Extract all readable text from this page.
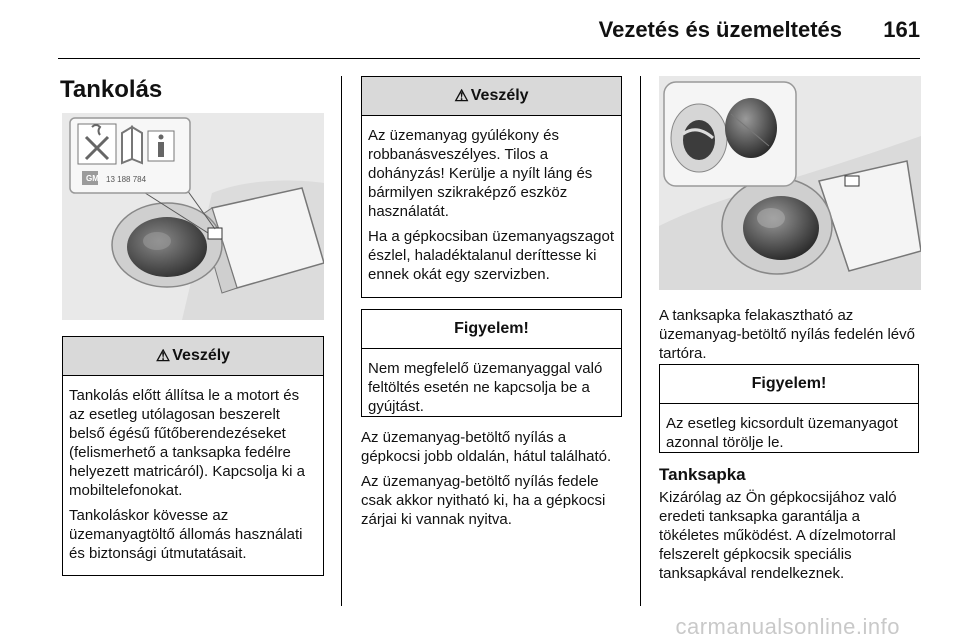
Vezetés és üzemeltetés 161
Tankolás
GM 13 188 784
⚠ Veszély

Tankolás előtt állítsa le a motort és az esetleg utólagosan beszerelt belső égésű fűtőberendezéseket (felismerhető a tanksapka fedélre helyezett matricáról). Kapcsolja ki a mobiltelefonokat.

Tankoláskor kövesse az üzemanyagtöltő állomás használati és biztonsági útmutatásait.

⚠ Veszély

Az üzemanyag gyúlékony és robbanásveszélyes. Tilos a dohányzás! Kerülje a nyílt láng és bármilyen szikraképző eszköz használatát.

Ha a gépkocsiban üzemanyagszagot észlel, haladéktalanul deríttesse ki ennek okát egy szervizben.

Figyelem!

Nem megfelelő üzemanyaggal való feltöltés esetén ne kapcsolja be a gyújtást.

Az üzemanyag-betöltő nyílás a gépkocsi jobb oldalán, hátul található.

Az üzemanyag-betöltő nyílás fedele csak akkor nyitható ki, ha a gépkocsi zárjai ki vannak nyitva.

A tanksapka felakasztható az üzemanyag-betöltő nyílás fedelén lévő tartóra.

Figyelem!

Az esetleg kicsordult üzemanyagot azonnal törölje le.

Tanksapka

Kizárólag az Ön gépkocsijához való eredeti tanksapka garantálja a tökéletes működést. A dízelmotorral felszerelt gépkocsik speciális tanksapkával rendelkeznek.

carmanualsonline.info
